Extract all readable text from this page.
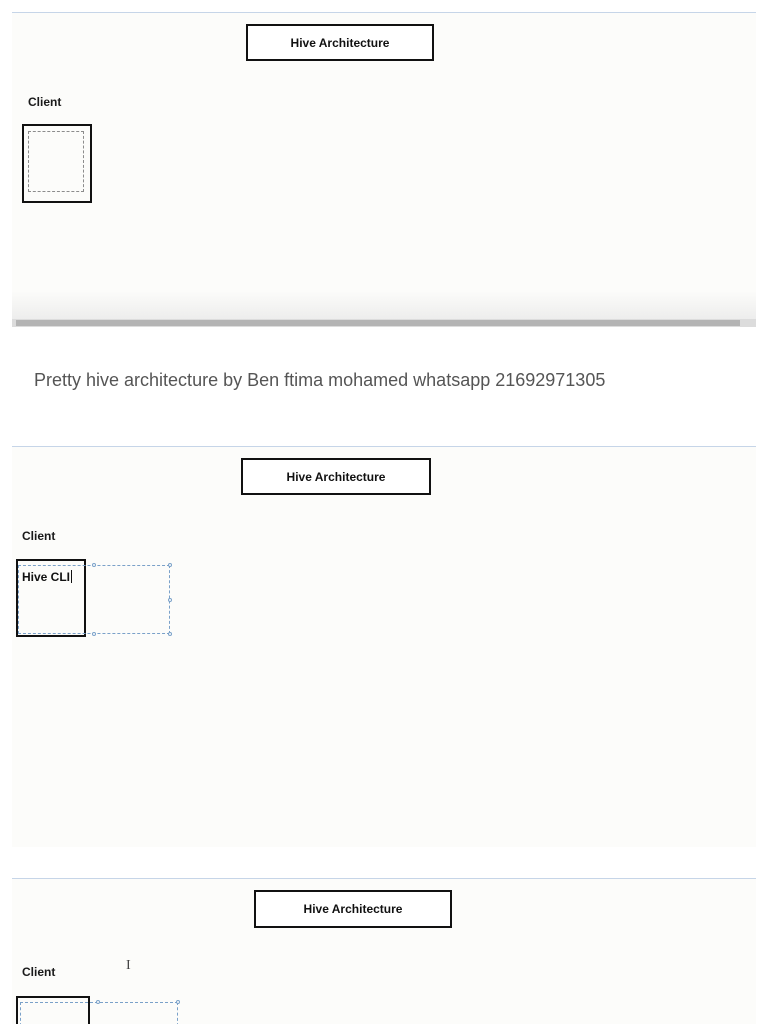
Hive Architecture
Client
Pretty hive architecture by Ben ftima mohamed whatsapp 21692971305
Hive Architecture
Client
Hive CLI
Hive Architecture
Client	I
